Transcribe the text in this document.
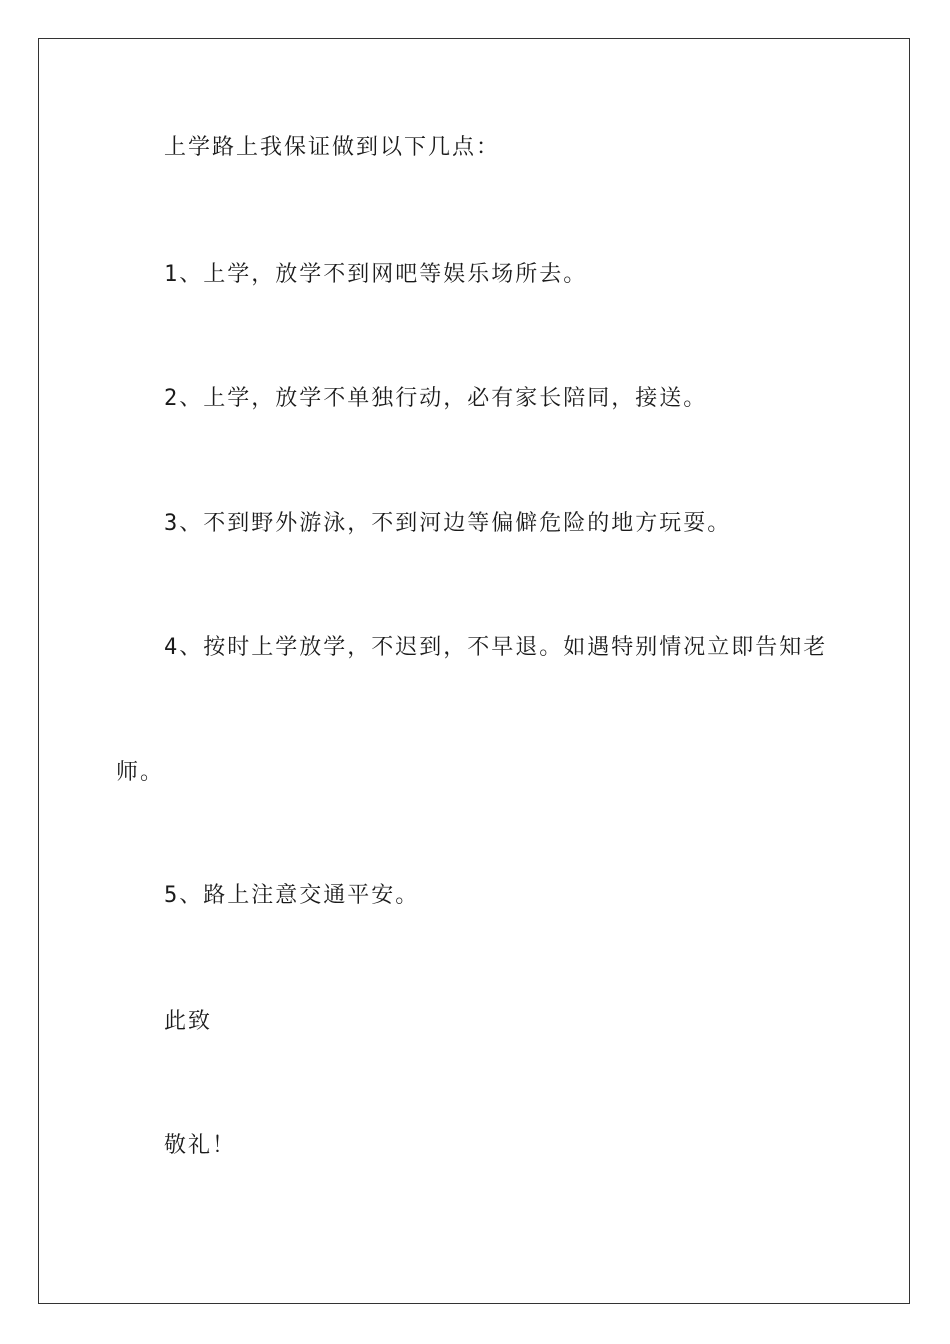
上学路上我保证做到以下几点：

1、上学，放学不到网吧等娱乐场所去。

2、上学，放学不单独行动，必有家长陪同，接送。

3、不到野外游泳，不到河边等偏僻危险的地方玩耍。

4、按时上学放学，不迟到，不早退。如遇特别情况立即告知老

师。

5、路上注意交通平安。

此致

敬礼！
